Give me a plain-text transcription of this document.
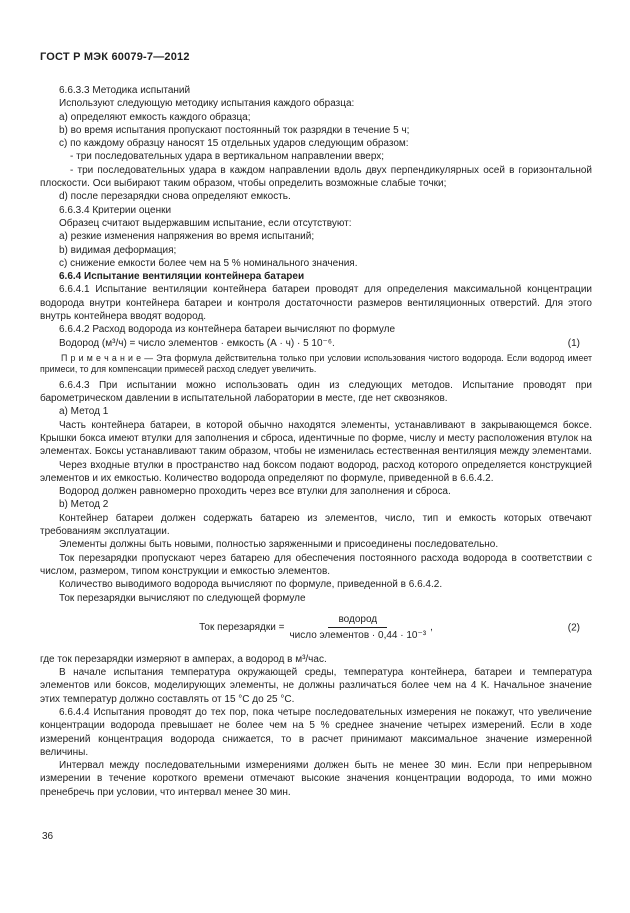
ГОСТ Р МЭК 60079-7—2012

6.6.3.3 Методика испытаний

Используют следующую методику испытания каждого образца:

a) определяют емкость каждого образца;

b) во время испытания пропускают постоянный ток разрядки в течение 5 ч;

c) по каждому образцу наносят 15 отдельных ударов следующим образом:

- три последовательных удара в вертикальном направлении вверх;

- три последовательных удара в каждом направлении вдоль двух перпендикулярных осей в горизонтальной плоскости. Оси выбирают таким образом, чтобы определить возможные слабые точки;

d) после перезарядки снова определяют емкость.

6.6.3.4 Критерии оценки

Образец считают выдержавшим испытание, если отсутствуют:

a) резкие изменения напряжения во время испытаний;

b) видимая деформация;

c) снижение емкости более чем на 5 % номинального значения.

6.6.4 Испытание вентиляции контейнера батареи

6.6.4.1 Испытание вентиляции контейнера батареи проводят для определения максимальной концентрации водорода внутри контейнера батареи и контроля достаточности размеров вентиляционных отверстий. Для этого внутрь контейнера вводят водород.

6.6.4.2 Расход водорода из контейнера батареи вычисляют по формуле

Водород (м³/ч) = число элементов · емкость (А · ч) · 5 10⁻⁶.	(1)

П р и м е ч а н и е — Эта формула действительна только при условии использования чистого водорода. Если водород имеет примеси, то для компенсации примесей расход следует увеличить.

6.6.4.3 При испытании можно использовать один из следующих методов. Испытание проводят при барометрическом давлении в испытательной лаборатории в месте, где нет сквозняков.

a) Метод 1

Часть контейнера батареи, в которой обычно находятся элементы, устанавливают в закрывающемся боксе. Крышки бокса имеют втулки для заполнения и сброса, идентичные по форме, числу и месту расположения втулок на элементах. Боксы устанавливают таким образом, чтобы не изменилась естественная вентиляция между элементами.

Через входные втулки в пространство над боксом подают водород, расход которого определяется конструкцией элементов и их емкостью. Количество водорода определяют по формуле, приведенной в 6.6.4.2.

Водород должен равномерно проходить через все втулки для заполнения и сброса.

b) Метод 2

Контейнер батареи должен содержать батарею из элементов, число, тип и емкость которых отвечают требованиям эксплуатации.

Элементы должны быть новыми, полностью заряженными и присоединены последовательно.

Ток перезарядки пропускают через батарею для обеспечения постоянного расхода водорода в соответствии с числом, размером, типом конструкции и емкостью элементов.

Количество выводимого водорода вычисляют по формуле, приведенной в 6.6.4.2.

Ток перезарядки вычисляют по следующей формуле

Ток перезарядки = $\frac{\text{водород}}{\text{число элементов · 0,44 · 10⁻³}}$ ,	(2)

где ток перезарядки измеряют в амперах, а водород в м³/час.

В начале испытания температура окружающей среды, температура контейнера, батареи и температура элементов или боксов, моделирующих элементы, не должны различаться более чем на 4 К. Начальное значение этих температур должно составлять от 15 °С до 25 °С.

6.6.4.4 Испытания проводят до тех пор, пока четыре последовательных измерения не покажут, что увеличение концентрации водорода превышает не более чем на 5 % среднее значение четырех измерений. Если в ходе измерений концентрация водорода снижается, то в расчет принимают максимальное значение измеренной величины.

Интервал между последовательными измерениями должен быть не менее 30 мин. Если при непрерывном измерении в течение короткого времени отмечают высокие значения концентрации водорода, то ими можно пренебречь при условии, что интервал менее 30 мин.

36
